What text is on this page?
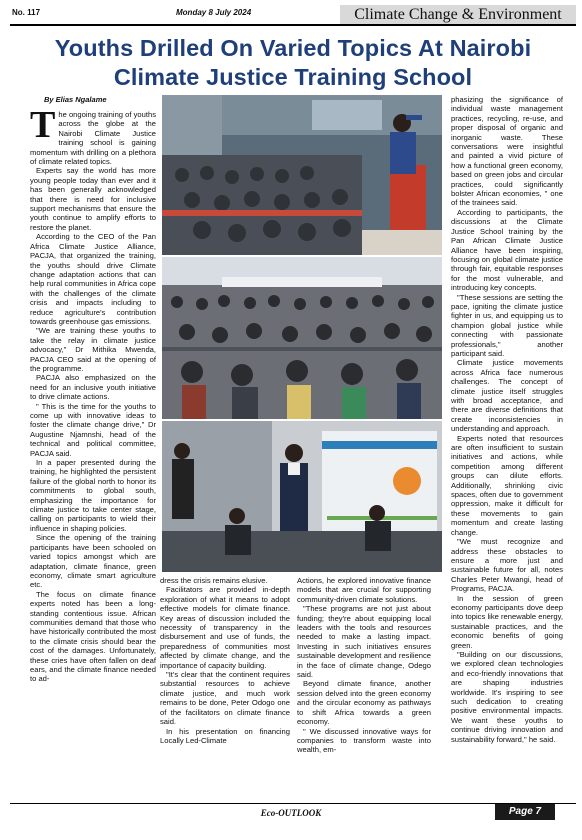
No. 117	Monday 8 July 2024	Climate Change & Environment
Youths Drilled On Varied Topics At Nairobi Climate Justice Training School
By Elias Ngalame

The ongoing training of youths across the globe at the Nairobi Climate Justice training school is gaining momentum with drilling on a plethora of climate related topics.

Experts say the world has more young people today than ever and it has been generally acknowledged that there is need for inclusive support mechanisms that ensure the youth continue to amplify efforts to restore the planet.

According to the CEO of the Pan Africa Climate Justice Alliance, PACJA, that organized the training, the youths should drive Climate change adaptation actions that can help rural communities in Africa cope with the challenges of the climate crisis and impacts including to reduce agriculture's contribution towards greenhouse gas emissions.

"We are training these youths to take the relay in climate justice advocacy," Dr Mithika Mwenda, PACJA CEO said at the opening of the programme.

PACJA also emphasized on the need for an inclusive youth initiative to drive climate actions.

" This is the time for the youths to come up with innovative ideas to foster the climate change drive," Dr Augustine Njamnshi, head of the technical and political committee, PACJA said.

In a paper presented during the training, he highlighted the persistent failure of the global north to honor its commitments to global south, emphasizing the importance for climate justice to take center stage, calling on participants to wield their influence in shaping policies.

Since the opening of the training participants have been schooled on varied topics amongst which are adaptation, climate finance, green economy, climate smart agriculture etc.

The focus on climate finance experts noted has been a long-standing contentious issue. African communities demand that those who have historically contributed the most to the climate crisis should bear the cost of the damages. Unfortunately, these cries have often fallen on deaf ears, and the climate finance needed to ad-

dress the crisis remains elusive.

Facilitators are provided in-depth exploration of what it means to adopt effective models for climate finance. Key areas of discussion included the necessity of transparency in the disbursement and use of funds, the preparedness of communities most affected by climate change, and the importance of capacity building.

"It's clear that the continent requires substantial resources to achieve climate justice, and much work remains to be done, Peter Odogo one of the facilitators on climate finance said.

In his presentation on financing Locally Led-Climate

Actions, he explored innovative finance models that are crucial for supporting community-driven climate solutions.

"These programs are not just about funding; they're about equipping local leaders with the tools and resources needed to make a lasting impact. Investing in such initiatives ensures sustainable development and resilience in the face of climate change, Odego said.

Beyond climate finance, another session delved into the green economy and the circular economy as pathways to shift Africa towards a green economy.

" We discussed innovative ways for companies to transform waste into wealth, em-

phasizing the significance of individual waste management practices, recycling, re-use, and proper disposal of organic and inorganic waste. These conversations were insightful and painted a vivid picture of how a functional green economy, based on green jobs and circular practices, could significantly bolster African economies, " one of the trainees said.

According to participants, the discussions at the Climate Justice School training by the Pan African Climate Justice Alliance have been inspiring, focusing on global climate justice through fair, equitable responses for the most vulnerable, and introducing key concepts.

"These sessions are setting the pace, igniting the climate justice fighter in us, and equipping us to champion global justice while connecting with passionate professionals," another participant said.

Climate justice movements across Africa face numerous challenges. The concept of climate justice itself struggles with broad acceptance, and there are diverse definitions that create inconsistencies in understanding and approach.

Experts noted that resources are often insufficient to sustain initiatives and actions, while competition among different groups can dilute efforts. Additionally, shrinking civic spaces, often due to government oppression, make it difficult for these movements to gain momentum and create lasting change.

"We must recognize and address these obstacles to ensure a more just and sustainable future for all, notes Charles Peter Mwangi, head of Programs, PACJA.

In the session of green economy participants dove deep into topics like renewable energy, sustainable practices, and the economic benefits of going green.

"Building on our discussions, we explored clean technologies and eco-friendly innovations that are shaping industries worldwide. It's inspiring to see such dedication to creating positive environmental impacts. We want these youths to continue driving innovation and sustainability forward," he said.

Eco-OUTLOOK	Page 7
